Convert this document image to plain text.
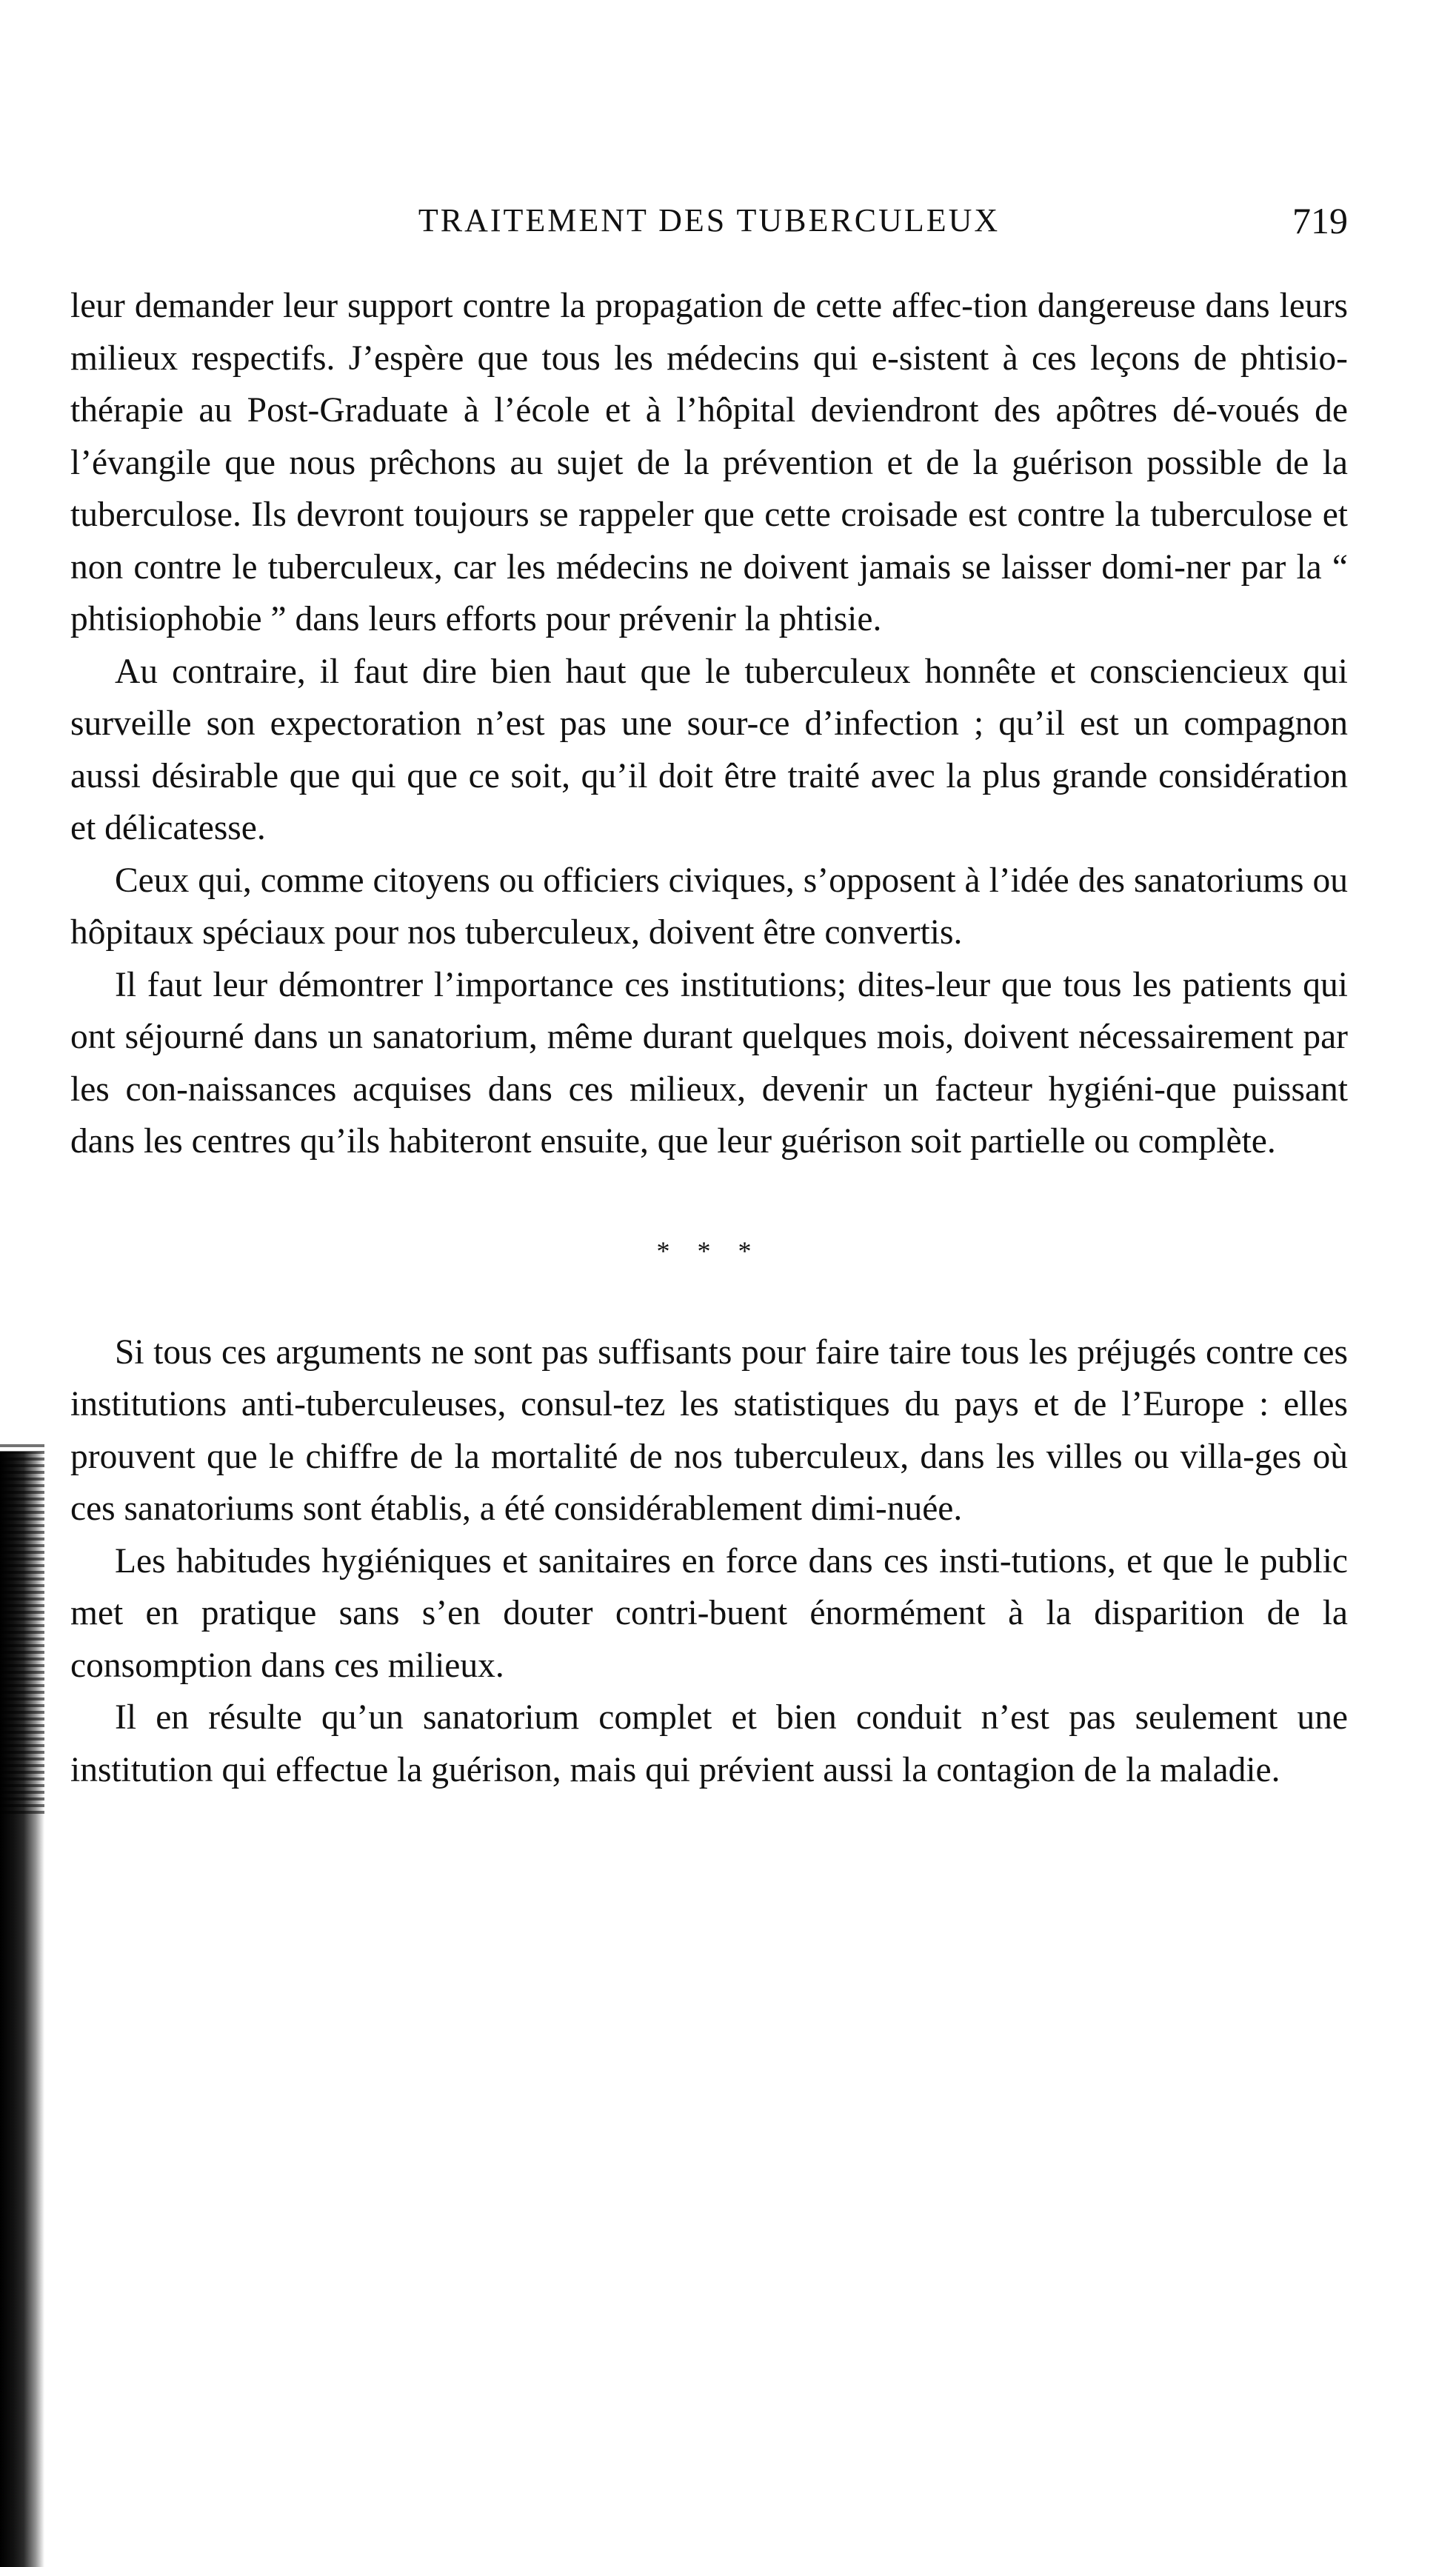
TRAITEMENT DES TUBERCULEUX	719

leur demander leur support contre la propagation de cette affec-tion dangereuse dans leurs milieux respectifs. J’espère que tous les médecins qui e-sistent à ces leçons de phtisio-thérapie au Post-Graduate à l’école et à l’hôpital deviendront des apôtres dé-voués de l’évangile que nous prêchons au sujet de la prévention et de la guérison possible de la tuberculose. Ils devront toujours se rappeler que cette croisade est contre la tuberculose et non contre le tuberculeux, car les médecins ne doivent jamais se laisser domi-ner par la “ phtisiophobie ” dans leurs efforts pour prévenir la phtisie.

Au contraire, il faut dire bien haut que le tuberculeux honnête et consciencieux qui surveille son expectoration n’est pas une sour-ce d’infection ; qu’il est un compagnon aussi désirable que qui que ce soit, qu’il doit être traité avec la plus grande considération et délicatesse.

Ceux qui, comme citoyens ou officiers civiques, s’opposent à l’idée des sanatoriums ou hôpitaux spéciaux pour nos tuberculeux, doivent être convertis.

Il faut leur démontrer l’importance ces institutions; dites-leur que tous les patients qui ont séjourné dans un sanatorium, même durant quelques mois, doivent nécessairement par les con-naissances acquises dans ces milieux, devenir un facteur hygiéni-que puissant dans les centres qu’ils habiteront ensuite, que leur guérison soit partielle ou complète.

* * *

Si tous ces arguments ne sont pas suffisants pour faire taire tous les préjugés contre ces institutions anti-tuberculeuses, consul-tez les statistiques du pays et de l’Europe : elles prouvent que le chiffre de la mortalité de nos tuberculeux, dans les villes ou villa-ges où ces sanatoriums sont établis, a été considérablement dimi-nuée.

Les habitudes hygiéniques et sanitaires en force dans ces insti-tutions, et que le public met en pratique sans s’en douter contri-buent énormément à la disparition de la consomption dans ces milieux.

Il en résulte qu’un sanatorium complet et bien conduit n’est pas seulement une institution qui effectue la guérison, mais qui prévient aussi la contagion de la maladie.
